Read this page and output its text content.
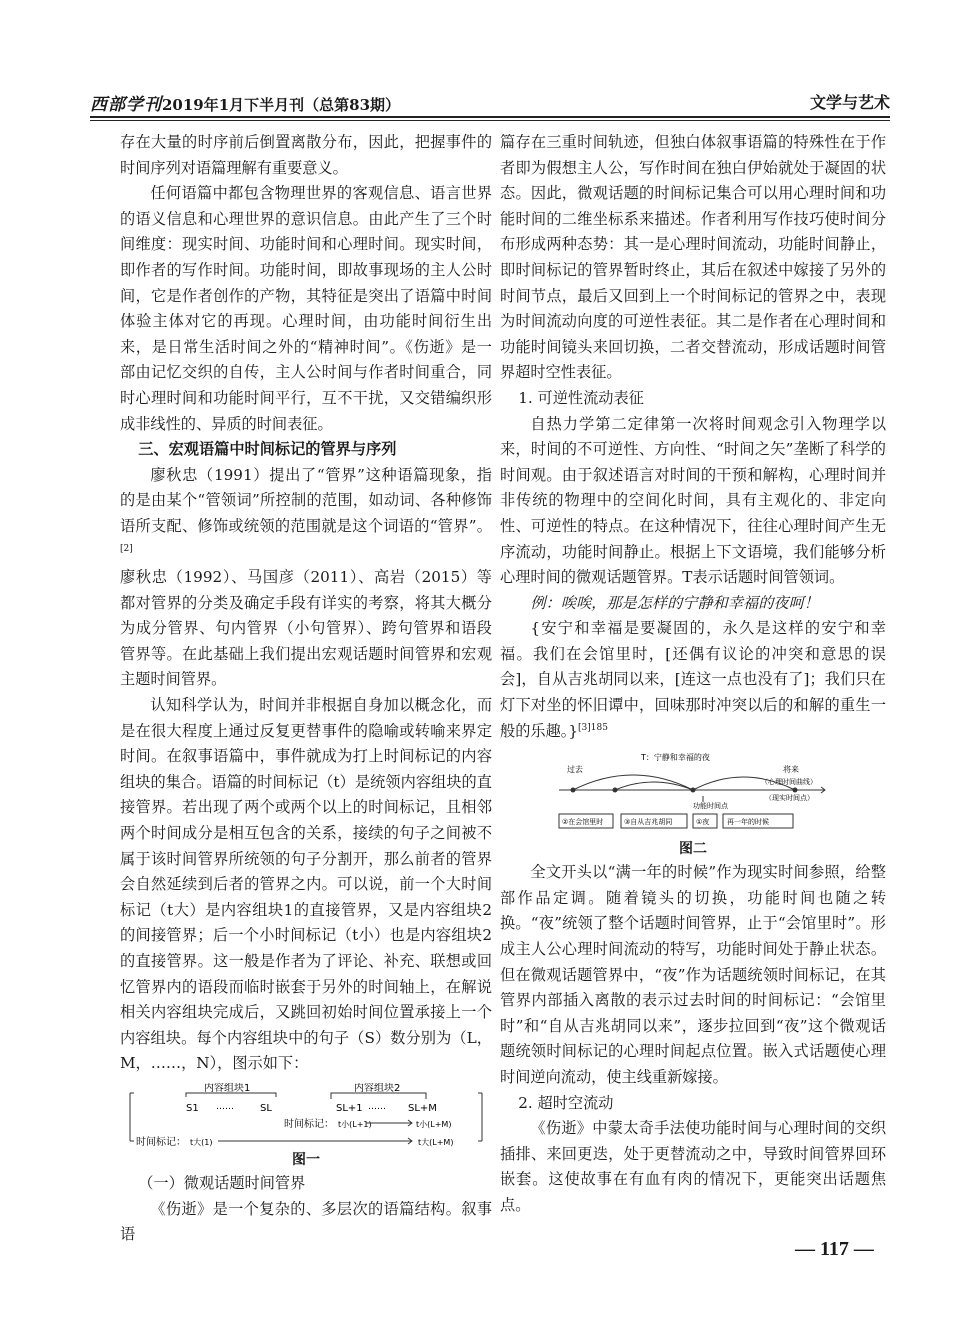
西部学刊2019年1月下半月刊（总第83期）	文学与艺术

存在大量的时序前后倒置离散分布，因此，把握事件的时间序列对语篇理解有重要意义。

任何语篇中都包含物理世界的客观信息、语言世界的语义信息和心理世界的意识信息。由此产生了三个时间维度：现实时间、功能时间和心理时间。现实时间，即作者的写作时间。功能时间，即故事现场的主人公时间，它是作者创作的产物，其特征是突出了语篇中时间体验主体对它的再现。心理时间，由功能时间衍生出来，是日常生活时间之外的“精神时间”。《伤逝》是一部由记忆交织的自传，主人公时间与作者时间重合，同时心理时间和功能时间平行，互不干扰，又交错编织形成非线性的、异质的时间表征。

三、宏观语篇中时间标记的管界与序列

廖秋忠（1991）提出了“管界”这种语篇现象，指的是由某个“管领词”所控制的范围，如动词、各种修饰语所支配、修饰或统领的范围就是这个词语的“管界”。[2]

廖秋忠（1992）、马国彦（2011）、高岩（2015）等都对管界的分类及确定手段有详实的考察，将其大概分为成分管界、句内管界（小句管界）、跨句管界和语段管界等。在此基础上我们提出宏观话题时间管界和宏观主题时间管界。

认知科学认为，时间并非根据自身加以概念化，而是在很大程度上通过反复更替事件的隐喻或转喻来界定时间。在叙事语篇中，事件就成为打上时间标记的内容组块的集合。语篇的时间标记（t）是统领内容组块的直接管界。若出现了两个或两个以上的时间标记，且相邻两个时间成分是相互包含的关系，接续的句子之间被不属于该时间管界所统领的句子分割开，那么前者的管界会自然延续到后者的管界之内。可以说，前一个大时间标记（t大）是内容组块1的直接管界，又是内容组块2的间接管界；后一个小时间标记（t小）也是内容组块2的直接管界。这一般是作者为了评论、补充、联想或回忆管界内的语段而临时嵌套于另外的时间轴上，在解说相关内容组块完成后，又跳回初始时间位置承接上一个内容组块。每个内容组块中的句子（S）数分别为（L，M，……，N），图示如下：

内容组块1	内容组块2
S1 ……	SL	SL+1 …… SL+M
时间标记： t小(L+1)	t小(L+M)
时间标记： t大(1)	t大(L+M)
图一
（一）微观话题时间管界

《伤逝》是一个复杂的、多层次的语篇结构。叙事语

篇存在三重时间轨迹，但独白体叙事语篇的特殊性在于作者即为假想主人公，写作时间在独白伊始就处于凝固的状态。因此，微观话题的时间标记集合可以用心理时间和功能时间的二维坐标系来描述。作者利用写作技巧使时间分布形成两种态势：其一是心理时间流动，功能时间静止，即时间标记的管界暂时终止，其后在叙述中嫁接了另外的时间节点，最后又回到上一个时间标记的管界之中，表现为时间流动向度的可逆性表征。其二是作者在心理时间和功能时间镜头来回切换，二者交替流动，形成话题时间管界超时空性表征。

1. 可逆性流动表征

自热力学第二定律第一次将时间观念引入物理学以来，时间的不可逆性、方向性、“时间之矢”垄断了科学的时间观。由于叙述语言对时间的干预和解构，心理时间并非传统的物理中的空间化时间，具有主观化的、非定向性、可逆性的特点。在这种情况下，往往心理时间产生无序流动，功能时间静止。根据上下文语境，我们能够分析心理时间的微观话题管界。T表示话题时间管领词。

例：唉唉，那是怎样的宁静和幸福的夜呵！

{安宁和幸福是要凝固的，永久是这样的安宁和幸福。我们在会馆里时，[还偶有议论的冲突和意思的误会]，自从吉兆胡同以来，[连这一点也没有了]；我们只在灯下对坐的怀旧谭中，回味那时冲突以后的和解的重生一般的乐趣。}$^{[3]185}$

T：宁静和幸福的夜
过去	将来
（心理时间曲线）
（现实时间点）
功能时间点
②在会馆里时	③自从吉兆胡同	①夜	再一年的时候
图二

全文开头以“满一年的时候”作为现实时间参照，给整部作品定调。随着镜头的切换，功能时间也随之转换。“夜”统领了整个话题时间管界，止于“会馆里时”。形成主人公心理时间流动的特写，功能时间处于静止状态。但在微观话题管界中，“夜”作为话题统领时间标记，在其管界内部插入离散的表示过去时间的时间标记：“会馆里时”和“自从吉兆胡同以来”，逐步拉回到“夜”这个微观话题统领时间标记的心理时间起点位置。嵌入式话题使心理时间逆向流动，使主线重新嫁接。

2. 超时空流动

《伤逝》中蒙太奇手法使功能时间与心理时间的交织插排、来回更迭，处于更替流动之中，导致时间管界回环嵌套。这使故事在有血有肉的情况下，更能突出话题焦点。

— 117 —
